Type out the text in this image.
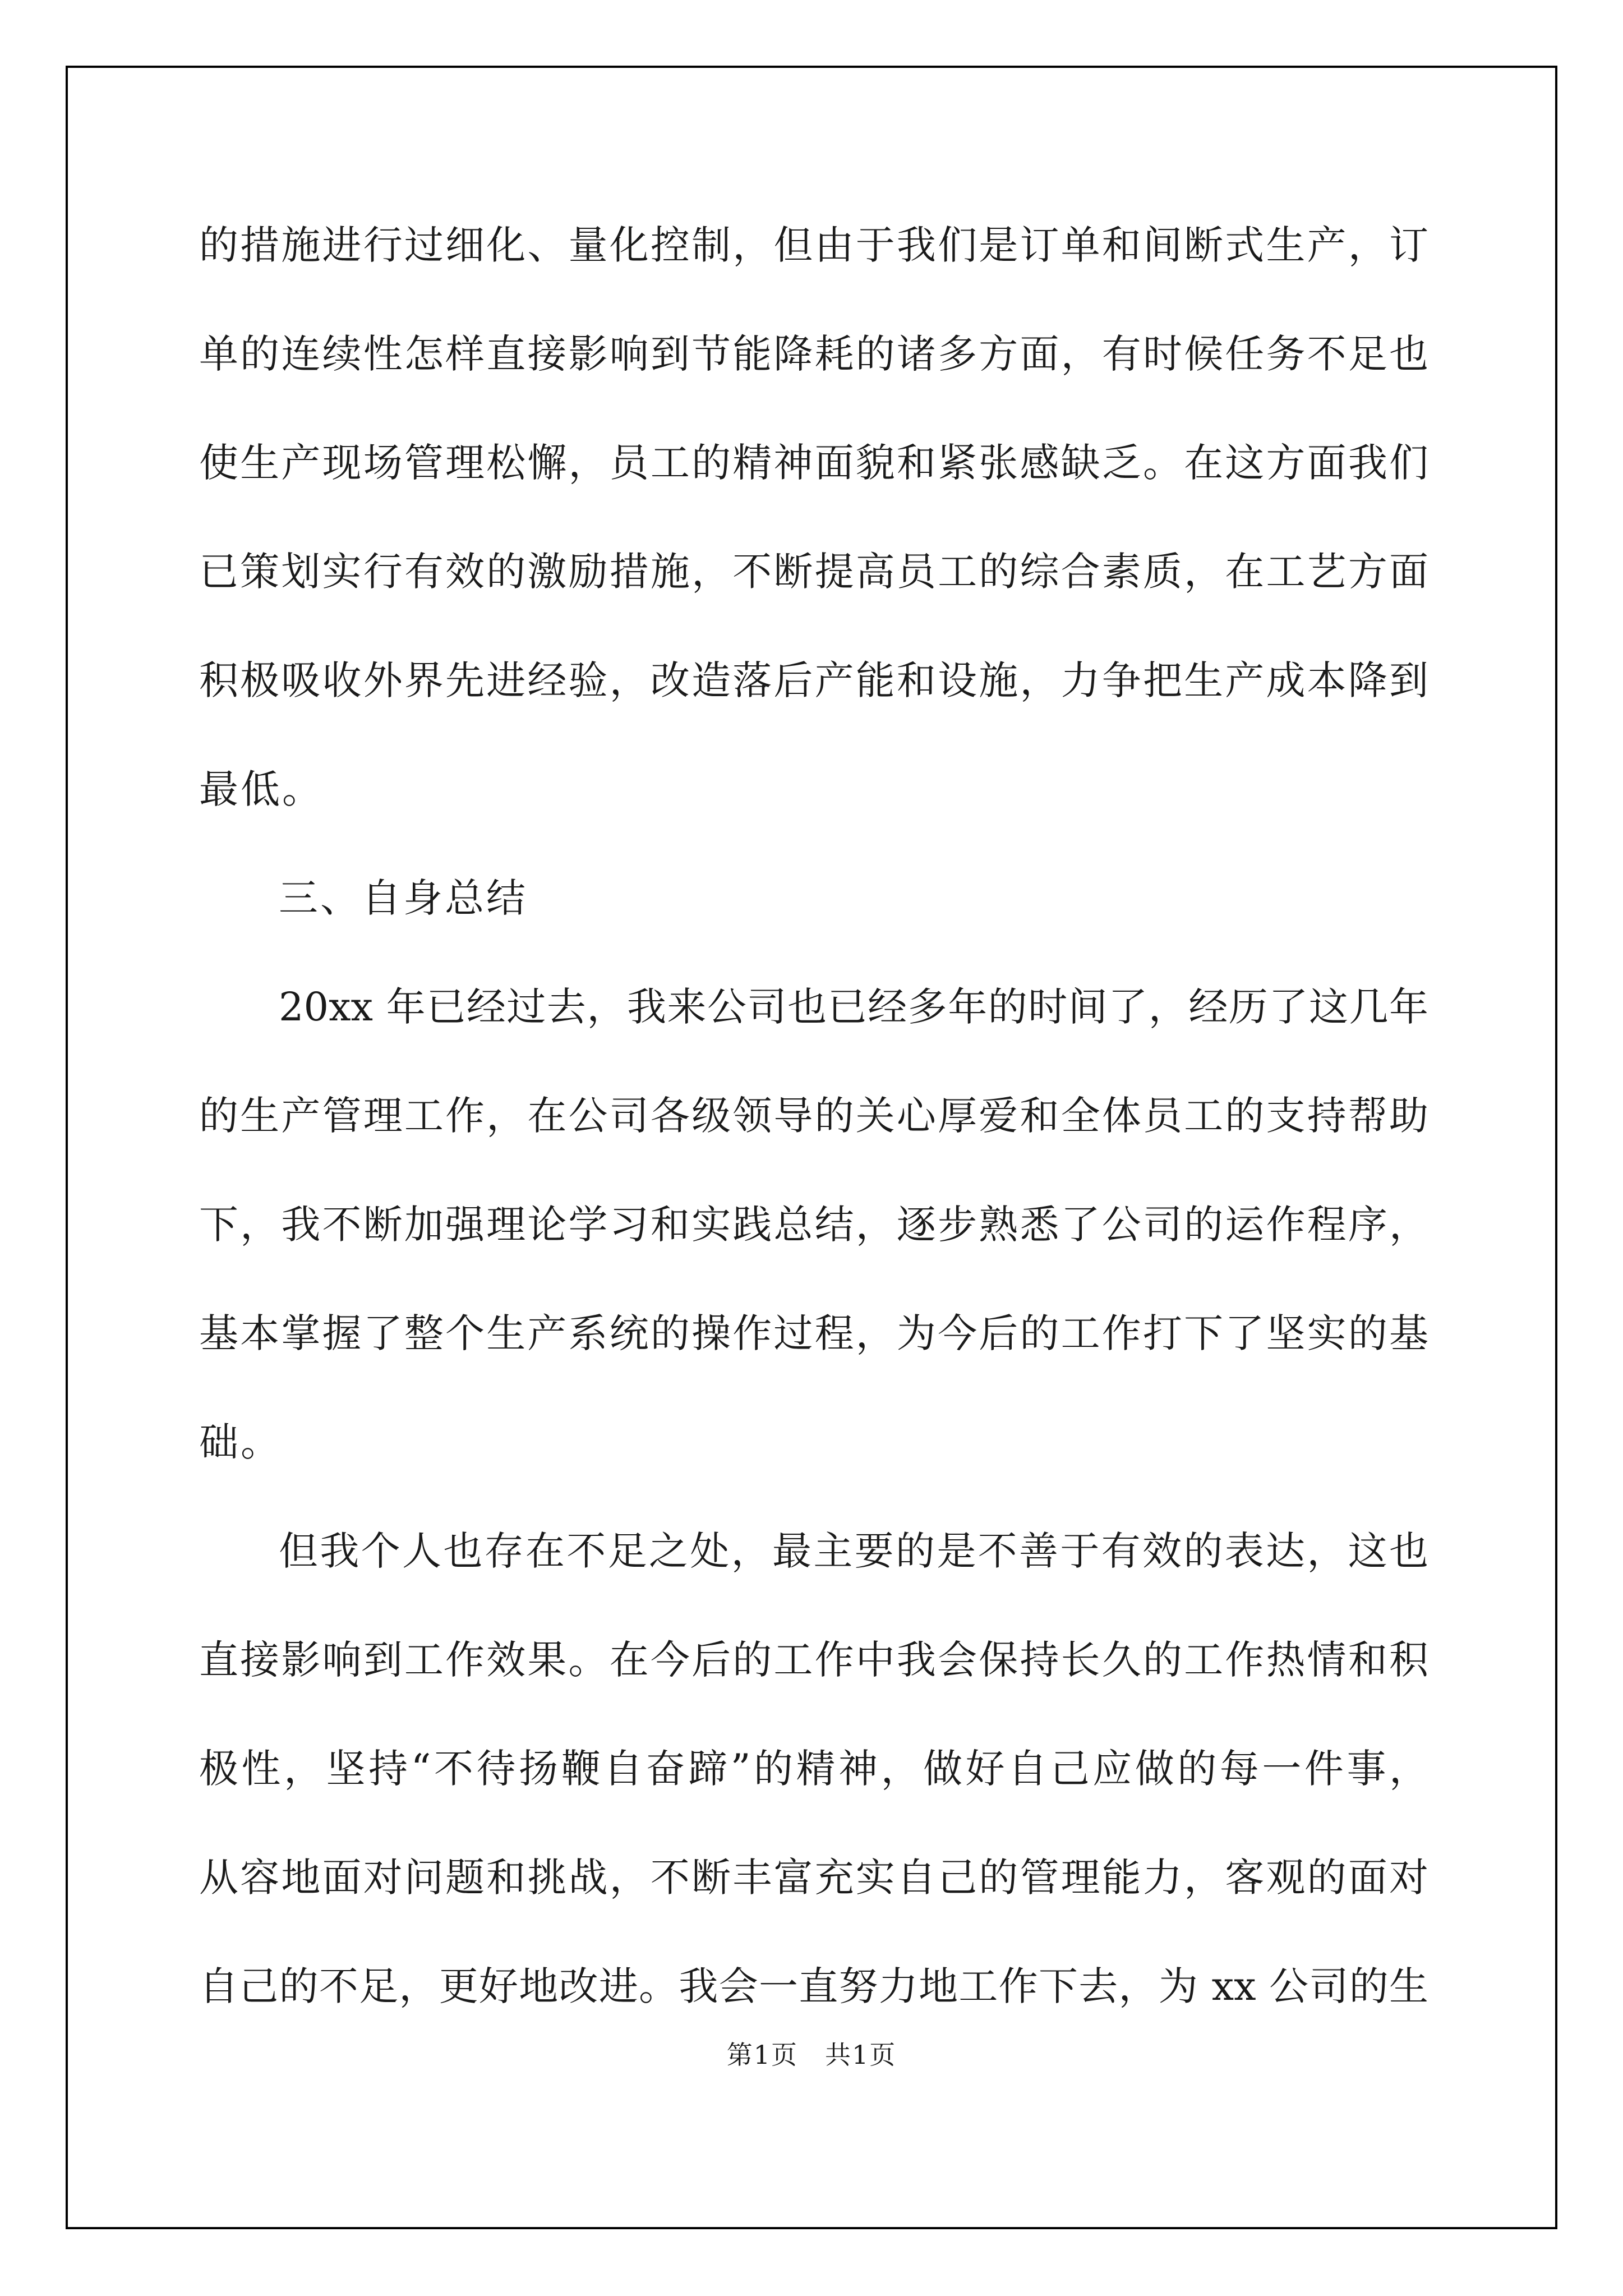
的措施进行过细化、量化控制，但由于我们是订单和间断式生产，订
单的连续性怎样直接影响到节能降耗的诸多方面，有时候任务不足也
使生产现场管理松懈，员工的精神面貌和紧张感缺乏。在这方面我们
已策划实行有效的激励措施，不断提高员工的综合素质，在工艺方面
积极吸收外界先进经验，改造落后产能和设施，力争把生产成本降到
最低。
三、自身总结
20xx 年已经过去，我来公司也已经多年的时间了，经历了这几年
的生产管理工作，在公司各级领导的关心厚爱和全体员工的支持帮助
下，我不断加强理论学习和实践总结，逐步熟悉了公司的运作程序，
基本掌握了整个生产系统的操作过程，为今后的工作打下了坚实的基
础。
但我个人也存在不足之处，最主要的是不善于有效的表达，这也
直接影响到工作效果。在今后的工作中我会保持长久的工作热情和积
极性，坚持“不待扬鞭自奋蹄”的精神，做好自己应做的每一件事，
从容地面对问题和挑战，不断丰富充实自己的管理能力，客观的面对
自己的不足，更好地改进。我会一直努力地工作下去，为 xx 公司的生
第1页　共1页
